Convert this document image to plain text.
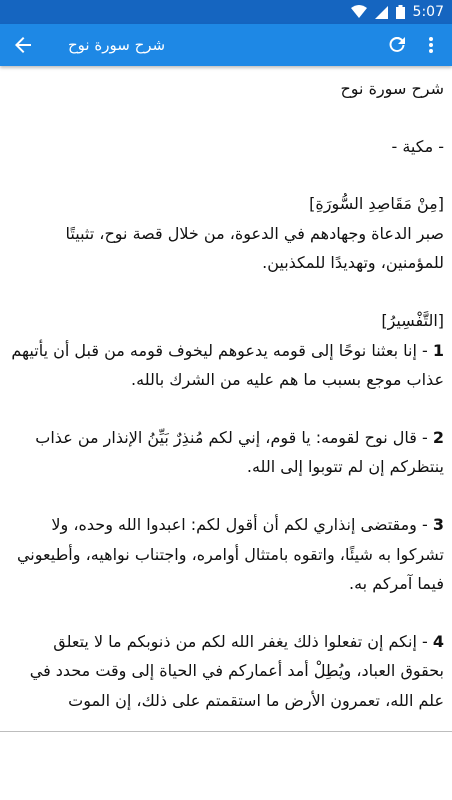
5:07
شرح سورة نوح

شرح سورة نوح

- مكية -

[مِنْ مَقَاصِدِ السُّورَةِ]

صبر الدعاة وجهادهم في الدعوة، من خلال قصة نوح، تثبيتًا للمؤمنين، وتهديدًا للمكذبين.

[التَّفْسِيرُ]

1 - إنا بعثنا نوحًا إلى قومه يدعوهم ليخوف قومه من قبل أن يأتيهم عذاب موجع بسبب ما هم عليه من الشرك بالله.

2 - قال نوح لقومه: يا قوم، إني لكم مُنذِرٌ بَيِّنُ الإنذار من عذاب ينتظركم إن لم تتوبوا إلى الله.

3 - ومقتضى إنذاري لكم أن أقول لكم: اعبدوا الله وحده، ولا تشركوا به شيئًا، واتقوه بامتثال أوامره، واجتناب نواهيه، وأطيعوني فيما آمركم به.

4 - إنكم إن تفعلوا ذلك يغفر الله لكم من ذنوبكم ما لا يتعلق بحقوق العباد، ويُطِلْ أمد أعمارکم في الحياة إلى وقت محدد في علم الله، تعمرون الأرض ما استقمتم على ذلك، إن الموت
